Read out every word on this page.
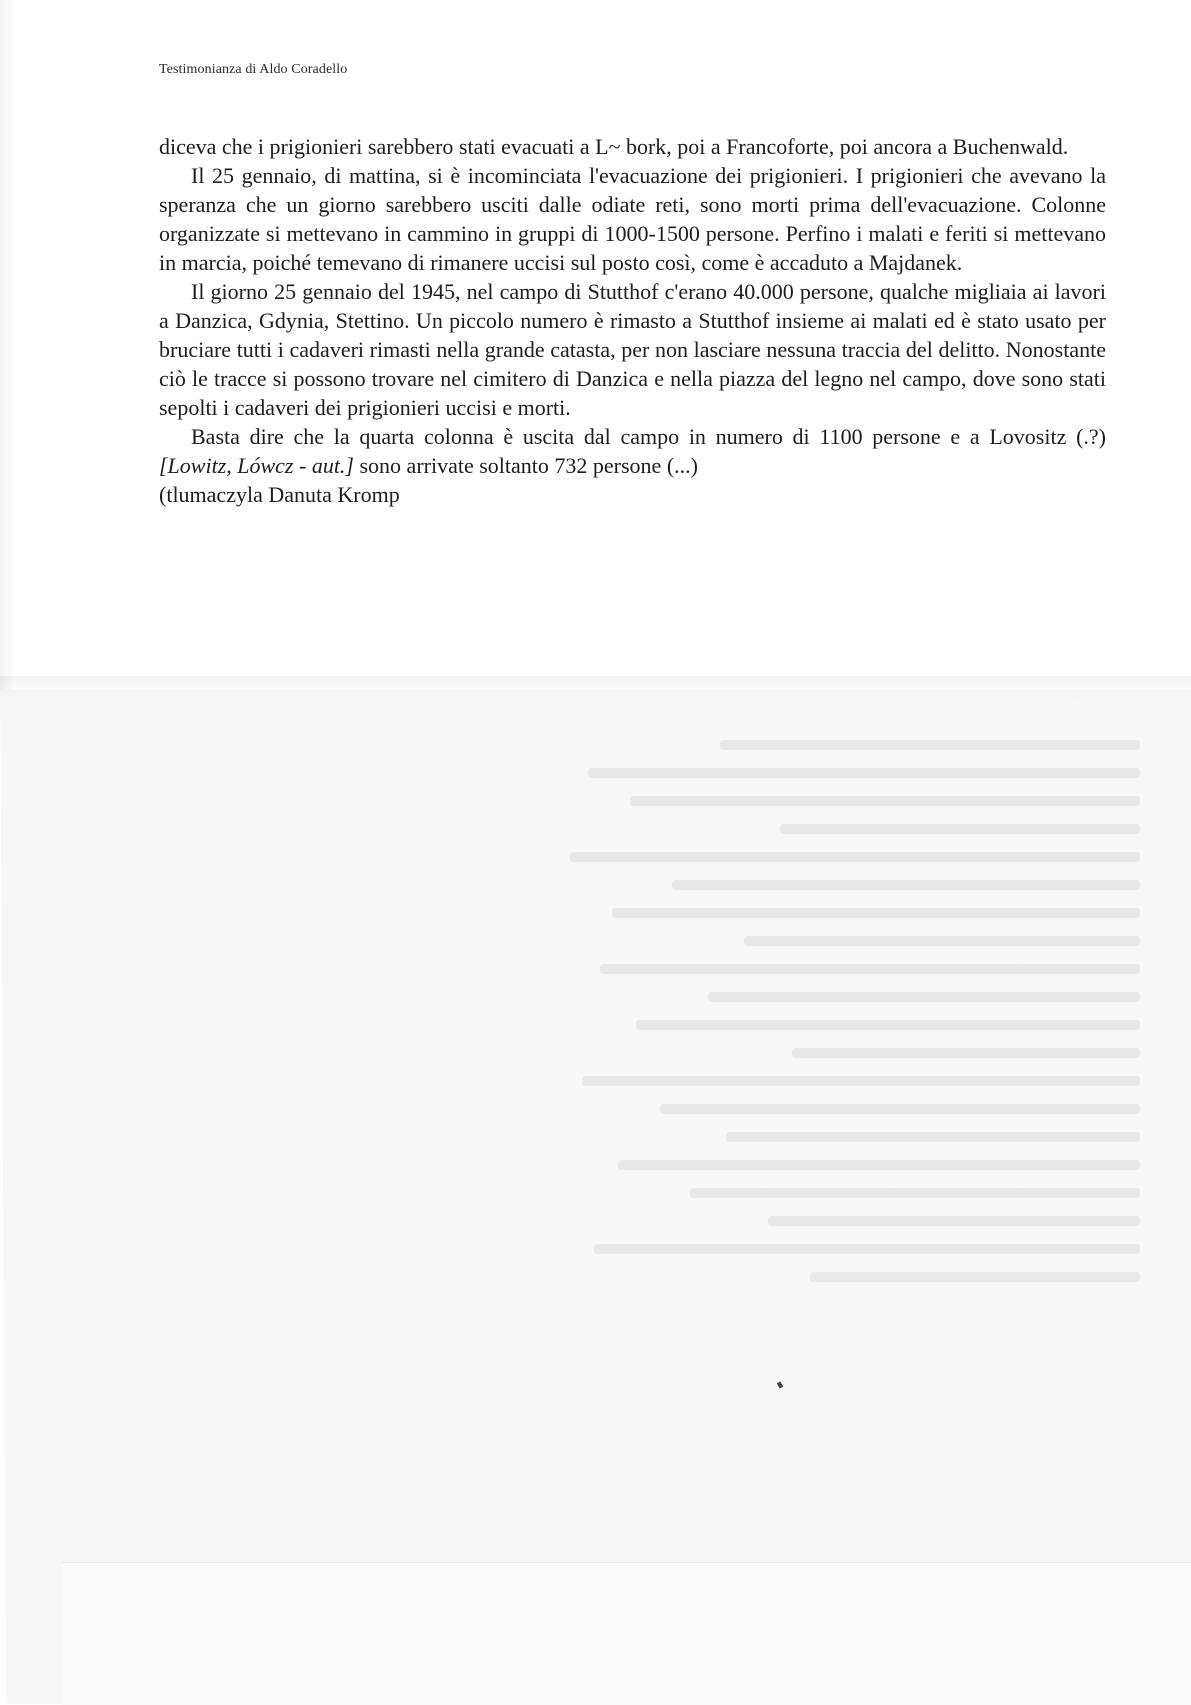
Testimonianza di Aldo Coradello

diceva che i prigionieri sarebbero stati evacuati a L~ bork, poi a Francoforte, poi ancora a Buchenwald.

Il 25 gennaio, di mattina, si è incominciata l'evacuazione dei prigionieri. I prigionieri che avevano la speranza che un giorno sarebbero usciti dalle odiate reti, sono morti prima dell'evacuazione. Colonne organizzate si mettevano in cammino in gruppi di 1000-1500 persone. Perfino i malati e feriti si mettevano in marcia, poiché temevano di rimanere uccisi sul posto così, come è accaduto a Majdanek.

Il giorno 25 gennaio del 1945, nel campo di Stutthof c'erano 40.000 persone, qualche migliaia ai lavori a Danzica, Gdynia, Stettino. Un piccolo numero è rimasto a Stutthof insieme ai malati ed è stato usato per bruciare tutti i cadaveri rimasti nella grande catasta, per non lasciare nessuna traccia del delitto. Nonostante ciò le tracce si possono trovare nel cimitero di Danzica e nella piazza del legno nel campo, dove sono stati sepolti i cadaveri dei prigionieri uccisi e morti.

Basta dire che la quarta colonna è uscita dal campo in numero di 1100 persone e a Lovositz (.?) [Lowitz, Lówcz - aut.] sono arrivate soltanto 732 persone (...)

(tlumaczyla Danuta Kromp
